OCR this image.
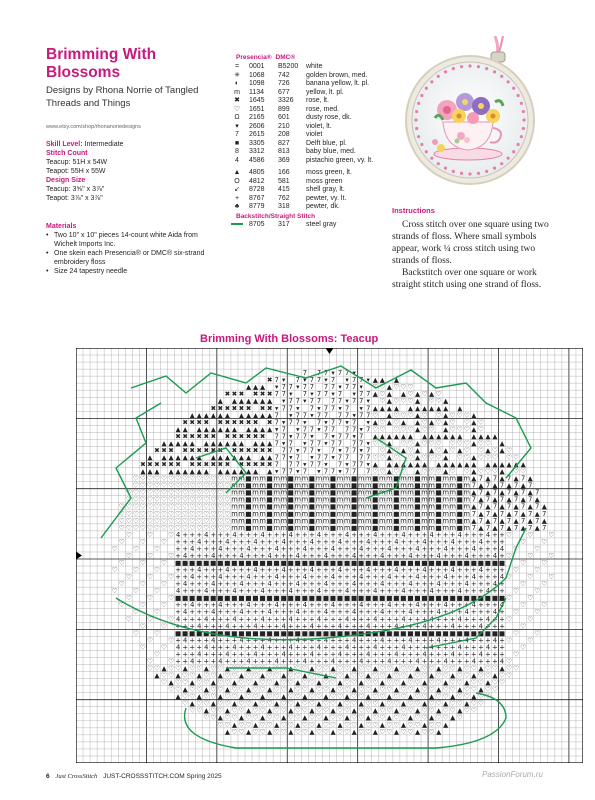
Brimming With Blossoms
Designs by Rhona Norrie of Tangled Threads and Things
www.etsy.com/shop/rhonanoriedesigns
Skill Level: Intermediate
Stitch Count
Teacup: 51H x 54W
Teapot: 55H x 55W
Design Size
Teacup: 3⅝" x 3⅞"
Teapot: 3⅞" x 3⅞"
Materials
• Two 10" x 10" pieces 14-count white Aida from Wichelt Imports Inc.
• One skein each Presencia® or DMC® six-strand embroidery floss
• Size 24 tapestry needle
Presencia® DMC®
=	0001	B5200	white
✳	1068	742	golden brown, med.
◐	1098	726	banana yellow, lt. pl.
m	1134	677	yellow, lt. pl.
✖	1645	3326	rose, lt.
♡	1651	899	rose, med.
Ω	2165	601	dusty rose, dk.
▾	2606	210	violet, lt.
7	2615	208	violet
■	3305	827	Delft blue, pl.
8	3312	813	baby blue, med.
4	4586	369	pistachio green, vy. lt.
▲	4805	166	moss green, lt.
O	4812	581	moss green
↙	8728	415	shell gray, lt.
+	8767	762	pewter, vy. lt.
♣	8779	318	pewter, dk.
Backstitch/Straight Stitch
8705	317	steel gray
Instructions

Cross stitch over one square using two strands of floss. Where small symbols appear, work ¼ cross stitch using two strands of floss.

Backstitch over one square or work straight stitch using one strand of floss.

Brimming With Blossoms: Teacup
7 7 7 ▾ 7 7 ▾
✖ 7 ▾ 7 ▾ 7 7 ▾ 7 ▾ 7 7 ▾ ▲ ▲ ▲
▲ ▲ ▲ ▾ 7 7 ▾ 7 7 7 7 ▾ 7 7 ▾ ♡ ♡ ▲ ♡ ♡ ♡
✖ ✖ ✖ ✖ ✖ ✖ 7 7 ▾ 7 ▾ 7 7 ▾ 7 ▾ 7 7 ▲ ♡ ▲ ▲ ♡ ▲ ♡ ▲ ♡
▲ ▲ ▲ ▲ ▲ ▲ ▲ ▾ 7 7 ▾ 7 7 7 7 ▾ 7 7 ▾ ♡ ▲ ♡ ♡ ♡ ▲ ♡ ♡ ▲
✖ ✖ ✖ ✖ ✖ ✖ ✖ ✖ ▾ 7 7 ▾ 7 ▾ 7 7 ▾ 7 ▾ 7 ▲ ▲ ▲ ▲ ▲ ▲ ▲ ▲ ▲ ▲ ▲
▲ ▲ ▲ ▲ ▲ ▲ ▲ ▲ ▲ ▲ ▲ 7 ▾ 7 7 ▾ 7 7 7 7 ▾ 7 7 ♡ ▲ ♡ ♡ ♡ ▲ ♡ ♡ ▲ ♡ ♡ ♡ ▲
✖ ✖ ✖ ✖ ✖ ✖ ✖ ✖ ✖ ✖ ✖ 7 ▾ 7 7 ▾ 7 ▾ 7 7 ▾ 7 ▾ ▲ ♡ ▲ ♡ ▲ ▲ ♡ ▲ ♡ ▲ ♡ ♡ ▲ ♡
▲ ▲ ▲ ▲ ▲ ▲ ▲ ▲ ▲ ▲ ▲ ▲ ▾ 7 ▾ 7 7 ▾ 7 7 7 7 ▾ 7 ♡ ♡ ♡ ♡ ♡ ▲ ♡ ♡ ▲ ♡ ♡ ♡ ▲ ♡
✖ ✖ ✖ ✖ ✖ ✖ ✖ ✖ ✖ ✖ ✖ ✖ 7 7 ▾ 7 7 ▾ 7 ▾ 7 7 ▾ 7 ▲ ▲ ▲ ▲ ▲ ▲ ▲ ▲ ▲ ▲ ▲ ▲ ▲ ▲ ▲ ▲
▲ ▲ ▲ ▲ ▲ ▲ ▲ ▲ ▲ ▲ ▲ ▲ ▲ ▲ 7 ▾ 7 ▾ 7 7 ▾ 7 7 7 7 ▾ ♡ ♡ ▲ ♡ ♡ ▲ ♡ ♡ ♡ ♡ ♡ ♡ ▲ ♡ ♡ ▲
✖ ✖ ✖ ✖ ✖ ✖ ✖ ✖ ✖ ✖ ✖ ✖ ✖ ✖ ✖ 7 7 ▾ 7 7 ▾ 7 ▾ 7 7 ▾ 7 ♡ ▲ ♡ ▲ ♡ ▲ ▲ ♡ ▲ ♡ ▲ ♡ ♡ ▲ ♡ ▲ ♡
▲ ▲ ▲ ▲ ▲ ▲ ▲ ▲ ▲ ▲ ▲ ▲ ▲ ▲ ▲ 7 7 ▾ 7 ▾ 7 7 ▾ 7 7 7 7 ♡ ♡ ▲ ♡ ♡ ▲ ♡ ♡ ♡ ▲ ♡ ♡ ▲ ♡ ♡ ♡ ♡ ♡
✖ ✖ ✖ ✖ ✖ ✖ ✖ ✖ ✖ ✖ ✖ ✖ ✖ ✖ ✖ ✖ ✖ 7 7 7 ▾ 7 7 ▾ 7 ▾ 7 7 ▾ ▲ ▲ ▲ ▲ ▲ ▲ ▲ ▲ ▲ ▲ ▲ ▲ ▲ ▲ ▲ ▲ ▲ ▲ ▲
▲ ▲ ▲ ▲ ▲ ▲ ▲ ▲ ▲ ▲ ▲ ▲ ▲ ▲ ▲ ▲ ▾ 7 7 ▾ 7 ▾ 7 7 ▾ 7 7 7 ♡ ♡ ▲ ♡ ♡ ▲ ♡ ♡ ♡ ▲ ♡ ♡ ▲ ♡ ♡ ♡ ▲ ♡ ♡
♡ ♡ ♡ ♡ ♡ ♡ ♡ ♡ ♡ ♡ ♡ ♡ ♡ ♡ m m ■ m m ■ m m ■ m m ■ m m ■ m m ■ m m ■ m m ■ m m ■ m m ■ m m ■ m ▲ 7 ▲ 7 ▲ 7 ▲ 7 ▲
♡ ♡ ♡ ♡ ♡ ♡ ♡ ♡ ♡ ♡ ♡ ♡ ♡ ♡ m m ■ m m ■ m m ■ m m ■ m m ■ m m ■ m m ■ m m ■ m m ■ m m ■ m m ■ m 7 ▲ 7 ▲ 7 ▲ 7 ▲ 7
♡ ♡ ♡ ♡ ♡ ♡ ♡ ♡ ♡ ♡ ♡ ♡ ♡ ♡ ♡ m m ■ m m ■ m m ■ m m ■ m m ■ m m ■ m m ■ m m ■ m m ■ m m ■ m m ■ m ▲ 7 ▲ 7 ▲ 7 ▲ 7 ▲ 7
♡ ♡ ♡ ♡ ♡ ♡ ♡ ♡ ♡ ♡ ♡ ♡ ♡ ♡ ♡ m m ■ m m ■ m m ■ m m ■ m m ■ m m ■ m m ■ m m ■ m m ■ m m ■ m m ■ m 7 ▲ 7 ▲ 7 ▲ 7 ▲ 7 ▲
♡ ♡ ♡ ♡ ♡ ♡ ♡ ♡ ♡ ♡ ♡ ♡ ♡ ♡ ♡ ♡ m m ■ m m ■ m m ■ m m ■ m m ■ m m ■ m m ■ m m ■ m m ■ m m ■ m m ■ m ▲ 7 ▲ 7 ▲ 7 ▲ 7 ▲ 7 ▲
♡ ♡ ♡ ♡ ♡ ♡ ♡ ♡ ♡ ♡ ♡ ♡ ♡ ♡ ♡ ♡ m m ■ m m ■ m m ■ m m ■ m m ■ m m ■ m m ■ m m ■ m m ■ m m ■ m m ■ m 7 ▲ 7 ▲ 7 ▲ 7 ▲ 7 ▲ 7
♡ ♡ ♡ ♡ ♡ ♡ ♡ ♡ ♡ ♡ ♡ ♡ ♡ ♡ ♡ ♡ m m ■ m m ■ m m ■ m m ■ m m ■ m m ■ m m ■ m m ■ m m ■ m m ■ m m ■ m ▲ 7 ▲ 7 ▲ 7 ▲ 7 ▲ 7 ▲
♡ ♡ ♡ ♡ ♡ ♡ ♡ ♡ ♡ ♡ ♡ ♡ ♡ ♡ ♡ ♡ m m ■ m m ■ m m ■ m m ■ m m ■ m m ■ m m ■ m m ■ m m ■ m m ■ m m ■ m 7 ▲ 7 ▲ 7 ▲ 7 ▲ 7 ▲ 7
♡ ♡ ♡ 4 + + + 4 + + + 4 + + + 4 + + + 4 + + + 4 + + + 4 + + + 4 + + + 4 + + + 4 + + + 4 + + + 4 + + ♡ ♡ ♡
♡ ♡ ♡ + + + 4 + + + 4 + + + 4 + + + 4 + + + 4 + + + 4 + + + 4 + + + 4 + + + 4 + + + 4 + + + 4 + + + ♡ ♡
♡ ♡ ♡ + + 4 + + + 4 + + + 4 + + + 4 + + + 4 + + + 4 + + + 4 + + + 4 + + + 4 + + + 4 + + + 4 + + + 4 ♡ ♡
♡ ♡ ♡ + 4 + + + 4 + + + 4 + + + 4 + + + 4 + + + 4 + + + 4 + + + 4 + + + 4 + + + 4 + + + 4 + + + 4 + ♡ ♡ ♡
♡ ♡ ♡ ■ ■ ■ ■ ■ ■ ■ ■ ■ ■ ■ ■ ■ ■ ■ ■ ■ ■ ■ ■ ■ ■ ■ ■ ■ ■ ■ ■ ■ ■ ■ ■ ■ ■ ■ ■ ■ ■ ■ ■ ■ ■ ■ ■ ■ ■ ■ ♡ ♡
♡ ♡ ♡ + + + 4 + + + 4 + + + 4 + + + 4 + + + 4 + + + 4 + + + 4 + + + 4 + + + 4 + + + 4 + + + 4 + + + ♡ ♡
♡ ♡ ♡ + + 4 + + + 4 + + + 4 + + + 4 + + + 4 + + + 4 + + + 4 + + + 4 + + + 4 + + + 4 + + + 4 + + + 4 ♡ ♡ ♡
♡ ♡ ♡ + 4 + + + 4 + + + 4 + + + 4 + + + 4 + + + 4 + + + 4 + + + 4 + + + 4 + + + 4 + + + 4 + + + 4 + ♡ ♡
♡ ♡ ♡ 4 + + + 4 + + + 4 + + + 4 + + + 4 + + + 4 + + + 4 + + + 4 + + + 4 + + + 4 + + + 4 + + + 4 + + ♡ ♡
♡ ♡ ♡ ■ ■ ■ ■ ■ ■ ■ ■ ■ ■ ■ ■ ■ ■ ■ ■ ■ ■ ■ ■ ■ ■ ■ ■ ■ ■ ■ ■ ■ ■ ■ ■ ■ ■ ■ ■ ■ ■ ■ ■ ■ ■ ■ ■ ■ ■ ■ ♡ ♡
♡ ♡ ♡ + + 4 + + + 4 + + + 4 + + + 4 + + + 4 + + + 4 + + + 4 + + + 4 + + + 4 + + + 4 + + + 4 + + + 4 ♡ ♡
♡ ♡ + 4 + + + 4 + + + 4 + + + 4 + + + 4 + + + 4 + + + 4 + + + 4 + + + 4 + + + 4 + + + 4 + + + 4 + ♡ ♡
♡ ♡ ♡ 4 + + + 4 + + + 4 + + + 4 + + + 4 + + + 4 + + + 4 + + + 4 + + + 4 + + + 4 + + + 4 + + + 4 + + ♡ ♡
♡ ♡ + + + 4 + + + 4 + + + 4 + + + 4 + + + 4 + + + 4 + + + 4 + + + 4 + + + 4 + + + 4 + + + 4 + + + ♡
♡ ♡ ■ ■ ■ ■ ■ ■ ■ ■ ■ ■ ■ ■ ■ ■ ■ ■ ■ ■ ■ ■ ■ ■ ■ ■ ■ ■ ■ ■ ■ ■ ■ ■ ■ ■ ■ ■ ■ ■ ■ ■ ■ ■ ■ ■ ■ ■ ■ ♡ ♡
♡ ♡ + 4 + + + 4 + + + 4 + + + 4 + + + 4 + + + 4 + + + 4 + + + 4 + + + 4 + + + 4 + + + 4 + + + 4 + ♡ ♡
♡ ♡ 4 + + + 4 + + + 4 + + + 4 + + + 4 + + + 4 + + + 4 + + + 4 + + + 4 + + + 4 + + + 4 + + + 4 + + ♡
♡ + + + 4 + + + 4 + + + 4 + + + 4 + + + 4 + + + 4 + + + 4 + + + 4 + + + 4 + + + 4 + + + 4 + + + ♡
♡ ♡ + + 4 + + + 4 + + + 4 + + + 4 + + + 4 + + + 4 + + + 4 + + + 4 + + + 4 + + + 4 + + + 4 + + + 4 ♡
♡ ♡ ▲ ♡ ♡ ▲ ♡ ♡ ▲ ♡ ♡ ▲ ♡ ♡ ▲ ♡ ♡ ▲ ♡ ♡ ▲ ♡ ♡ ▲ ♡ ♡ ▲ ♡ ♡ ▲ ♡ ♡ ▲ ♡ ♡ ▲ ♡ ♡ ▲ ♡ ♡ ▲ ♡ ♡ ▲ ♡ ♡ ▲ ♡ ♡ ▲ ♡ ♡
▲ ♡ ♡ ▲ ♡ ♡ ▲ ♡ ♡ ▲ ♡ ♡ ▲ ♡ ♡ ▲ ♡ ♡ ▲ ♡ ♡ ▲ ♡ ♡ ▲ ♡ ♡ ▲ ♡ ♡ ▲ ♡ ♡ ▲ ♡ ♡ ▲ ♡ ♡ ▲ ♡ ♡ ▲ ♡ ♡ ▲ ♡ ♡ ▲ ♡ ♡
♡ ▲ ♡ ♡ ▲ ♡ ♡ ▲ ♡ ♡ ▲ ♡ ♡ ▲ ♡ ♡ ▲ ♡ ♡ ▲ ♡ ♡ ▲ ♡ ♡ ▲ ♡ ♡ ▲ ♡ ♡ ▲ ♡ ♡ ▲ ♡ ♡ ▲ ♡ ♡ ▲ ♡ ♡ ▲ ♡ ♡ ▲ ♡ ♡
♡ ♡ ▲ ♡ ♡ ▲ ♡ ♡ ▲ ♡ ♡ ▲ ♡ ♡ ▲ ♡ ♡ ▲ ♡ ♡ ▲ ♡ ♡ ▲ ♡ ♡ ▲ ♡ ♡ ▲ ♡ ♡ ▲ ♡ ♡ ▲ ♡ ♡ ▲ ♡ ♡ ▲ ♡ ♡ ▲ ♡ ♡
▲ ♡ ♡ ▲ ♡ ♡ ▲ ♡ ♡ ▲ ♡ ♡ ▲ ♡ ♡ ▲ ♡ ♡ ▲ ♡ ♡ ▲ ♡ ♡ ▲ ♡ ♡ ▲ ♡ ♡ ▲ ♡ ♡ ▲ ♡ ♡ ▲ ♡ ♡ ▲ ♡ ♡ ▲ ♡ ♡
♡ ▲ ♡ ♡ ▲ ♡ ♡ ▲ ♡ ♡ ▲ ♡ ♡ ▲ ♡ ♡ ▲ ♡ ♡ ▲ ♡ ♡ ▲ ♡ ♡ ▲ ♡ ♡ ▲ ♡ ♡ ▲ ♡ ♡ ▲ ♡ ♡ ▲ ♡ ♡ ▲ ♡ ♡
♡ ♡ ▲ ♡ ♡ ▲ ♡ ♡ ▲ ♡ ♡ ▲ ♡ ♡ ▲ ♡ ♡ ▲ ♡ ♡ ▲ ♡ ♡ ▲ ♡ ♡ ▲ ♡ ♡ ▲ ♡ ♡ ▲ ♡ ♡ ▲ ♡ ♡ ▲ ♡ ♡
♡ ♡ ▲ ♡ ♡ ▲ ♡ ♡ ▲ ♡ ♡ ▲ ♡ ♡ ▲ ♡ ♡ ▲ ♡ ♡ ▲ ♡ ♡ ▲ ♡ ♡ ▲ ♡ ♡ ▲ ♡ ♡ ▲ ♡ ♡ ▲ ♡
♡ ♡ ▲ ♡ ♡ ▲ ♡ ♡ ▲ ♡ ♡ ▲ ♡ ♡ ▲ ♡ ♡ ▲ ♡ ♡ ▲ ♡ ♡ ▲ ♡ ♡ ▲ ♡ ♡ ▲ ♡ ♡ ▲
▲ ♡ ♡ ▲ ♡ ♡ ▲ ♡ ♡ ▲ ♡ ♡ ▲ ♡ ♡ ▲ ♡ ♡ ▲ ♡ ♡ ▲ ♡ ♡ ▲ ♡ ♡ ▲ ♡ ♡ ▲
6 Just CrossStitch JUST-CROSSSTITCH.COM Spring 2025	PassionForum.ru
